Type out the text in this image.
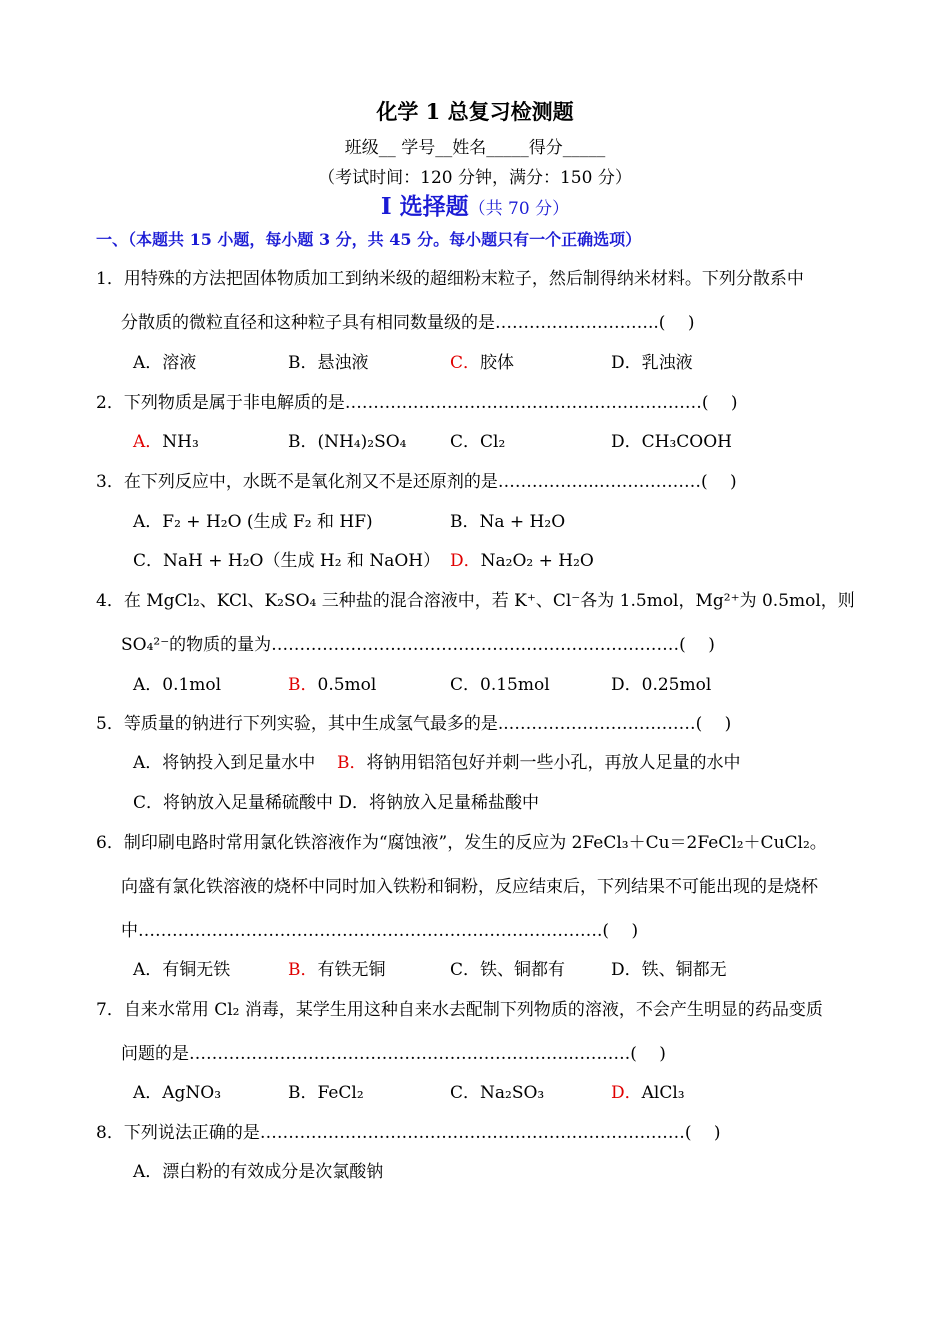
化学 1 总复习检测题
班级__ 学号__姓名_____得分_____
（考试时间：120 分钟，满分：150 分）
Ⅰ 选择题（共 70 分）
一、（本题共 15 小题，每小题 3 分，共 45 分。每小题只有一个正确选项）
1．用特殊的方法把固体物质加工到纳米级的超细粉末粒子，然后制得纳米材料。下列分散系中
分散质的微粒直径和这种粒子具有相同数量级的是………………………..(　 )
A．溶液	B．悬浊液	C．胶体	D．乳浊液
2．下列物质是属于非电解质的是………………………………………………………(　 )
A．NH₃	B．(NH₄)₂SO₄	C．Cl₂	D．CH₃COOH
3．在下列反应中，水既不是氧化剂又不是还原剂的是……………...………………(　 )
A．F₂ + H₂O (生成 F₂ 和 HF)	B．Na + H₂O
C．NaH + H₂O（生成 H₂ 和 NaOH） D．Na₂O₂ + H₂O
4．在 MgCl₂、KCl、K₂SO₄ 三种盐的混合溶液中，若 K⁺、Cl⁻各为 1.5mol，Mg²⁺为 0.5mol，则
SO₄²⁻的物质的量为………………………………………………………………(　 )
A．0.1mol	B．0.5mol	C．0.15mol	D．0.25mol
5．等质量的钠进行下列实验，其中生成氢气最多的是..……………………………(　 )
A．将钠投入到足量水中 B．将钠用铝箔包好并刺一些小孔，再放人足量的水中
C．将钠放入足量稀硫酸中 D．将钠放入足量稀盐酸中
6．制印刷电路时常用氯化铁溶液作为“腐蚀液”，发生的反应为 2FeCl₃＋Cu＝2FeCl₂＋CuCl₂。
向盛有氯化铁溶液的烧杯中同时加入铁粉和铜粉，反应结束后，下列结果不可能出现的是烧杯
中……………………………………………………………………….(　 )
A．有铜无铁	B．有铁无铜	C．铁、铜都有	D．铁、铜都无
7．自来水常用 Cl₂ 消毒，某学生用这种自来水去配制下列物质的溶液，不会产生明显的药品变质
问题的是…………………………………………………………..……….(　 )
A．AgNO₃	B．FeCl₂	C．Na₂SO₃	D．AlCl₃
8．下列说法正确的是…………………………………………………………………(　 )
A．漂白粉的有效成分是次氯酸钠
